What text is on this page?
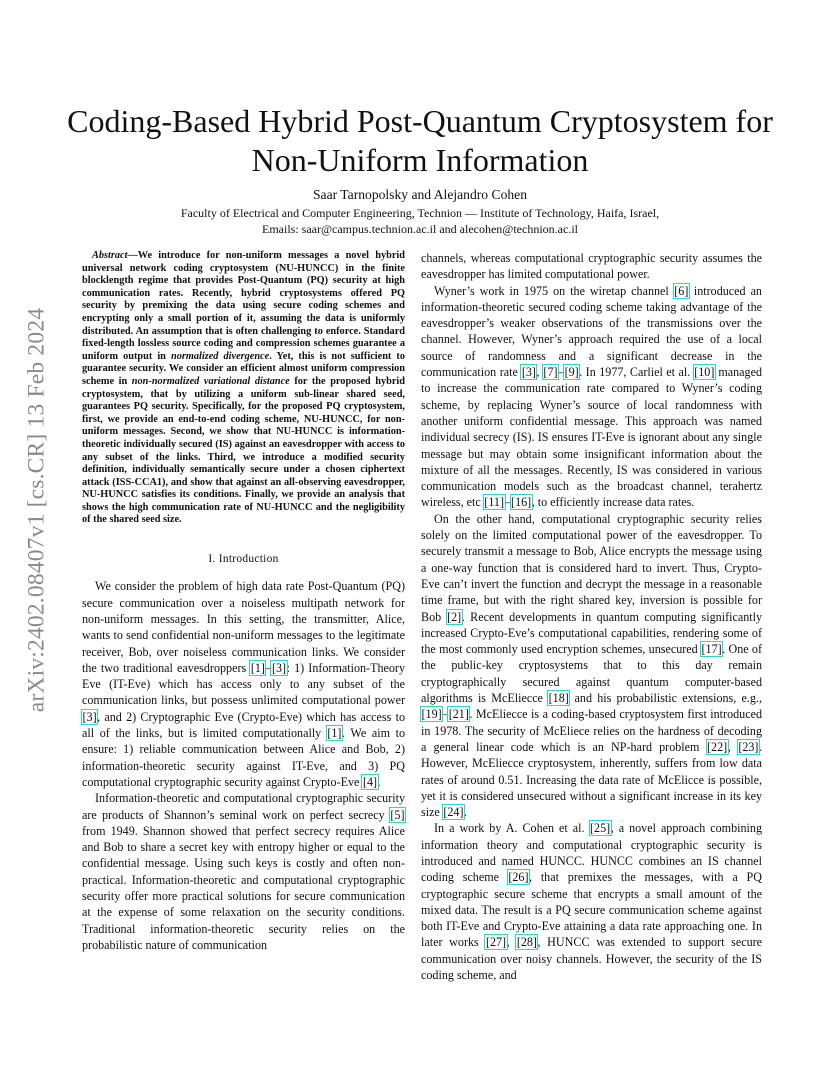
arXiv:2402.08407v1 [cs.CR] 13 Feb 2024
Coding-Based Hybrid Post-Quantum Cryptosystem for Non-Uniform Information
Saar Tarnopolsky and Alejandro Cohen
Faculty of Electrical and Computer Engineering, Technion — Institute of Technology, Haifa, Israel,
Emails: saar@campus.technion.ac.il and alecohen@technion.ac.il

Abstract—We introduce for non-uniform messages a novel hybrid universal network coding cryptosystem (NU-HUNCC) in the finite blocklength regime that provides Post-Quantum (PQ) security at high communication rates. Recently, hybrid cryptosystems offered PQ security by premixing the data using secure coding schemes and encrypting only a small portion of it, assuming the data is uniformly distributed. An assumption that is often challenging to enforce. Standard fixed-length lossless source coding and compression schemes guarantee a uniform output in normalized divergence. Yet, this is not sufficient to guarantee security. We consider an efficient almost uniform compression scheme in non-normalized variational distance for the proposed hybrid cryptosystem, that by utilizing a uniform sub-linear shared seed, guarantees PQ security. Specifically, for the proposed PQ cryptosystem, first, we provide an end-to-end coding scheme, NU-HUNCC, for non-uniform messages. Second, we show that NU-HUNCC is information-theoretic individually secured (IS) against an eavesdropper with access to any subset of the links. Third, we introduce a modified security definition, individually semantically secure under a chosen ciphertext attack (ISS-CCA1), and show that against an all-observing eavesdropper, NU-HUNCC satisfies its conditions. Finally, we provide an analysis that shows the high communication rate of NU-HUNCC and the negligibility of the shared seed size.

I. Introduction

We consider the problem of high data rate Post-Quantum (PQ) secure communication over a noiseless multipath network for non-uniform messages. In this setting, the transmitter, Alice, wants to send confidential non-uniform messages to the legitimate receiver, Bob, over noiseless communication links. We consider the two traditional eavesdroppers [1]–[3]: 1) Information-Theory Eve (IT-Eve) which has access only to any subset of the communication links, but possess unlimited computational power [3], and 2) Cryptographic Eve (Crypto-Eve) which has access to all of the links, but is limited computationally [1]. We aim to ensure: 1) reliable communication between Alice and Bob, 2) information-theoretic security against IT-Eve, and 3) PQ computational cryptographic security against Crypto-Eve [4].

Information-theoretic and computational cryptographic security are products of Shannon’s seminal work on perfect secrecy [5] from 1949. Shannon showed that perfect secrecy requires Alice and Bob to share a secret key with entropy higher or equal to the confidential message. Using such keys is costly and often non-practical. Information-theoretic and computational cryptographic security offer more practical solutions for secure communication at the expense of some relaxation on the security conditions. Traditional information-theoretic security relies on the probabilistic nature of communication

channels, whereas computational cryptographic security assumes the eavesdropper has limited computational power.

Wyner’s work in 1975 on the wiretap channel [6] introduced an information-theoretic secured coding scheme taking advantage of the eavesdropper’s weaker observations of the transmissions over the channel. However, Wyner’s approach required the use of a local source of randomness and a significant decrease in the communication rate [3], [7]–[9]. In 1977, Carliel et al. [10] managed to increase the communication rate compared to Wyner’s coding scheme, by replacing Wyner’s source of local randomness with another uniform confidential message. This approach was named individual secrecy (IS). IS ensures IT-Eve is ignorant about any single message but may obtain some insignificant information about the mixture of all the messages. Recently, IS was considered in various communication models such as the broadcast channel, terahertz wireless, etc [11]–[16], to efficiently increase data rates.

On the other hand, computational cryptographic security relies solely on the limited computational power of the eavesdropper. To securely transmit a message to Bob, Alice encrypts the message using a one-way function that is considered hard to invert. Thus, Crypto-Eve can’t invert the function and decrypt the message in a reasonable time frame, but with the right shared key, inversion is possible for Bob [2]. Recent developments in quantum computing significantly increased Crypto-Eve’s computational capabilities, rendering some of the most commonly used encryption schemes, unsecured [17]. One of the public-key cryptosystems that to this day remain cryptographically secured against quantum computer-based algorithms is McEliecce [18] and his probabilistic extensions, e.g., [19]–[21]. McEliecce is a coding-based cryptosystem first introduced in 1978. The security of McEliece relies on the hardness of decoding a general linear code which is an NP-hard problem [22], [23]. However, McEliecce cryptosystem, inherently, suffers from low data rates of around 0.51. Increasing the data rate of McElicce is possible, yet it is considered unsecured without a significant increase in its key size [24].

In a work by A. Cohen et al. [25], a novel approach combining information theory and computational cryptographic security is introduced and named HUNCC. HUNCC combines an IS channel coding scheme [26], that premixes the messages, with a PQ cryptographic secure scheme that encrypts a small amount of the mixed data. The result is a PQ secure communication scheme against both IT-Eve and Crypto-Eve attaining a data rate approaching one. In later works [27], [28], HUNCC was extended to support secure communication over noisy channels. However, the security of the IS coding scheme, and
